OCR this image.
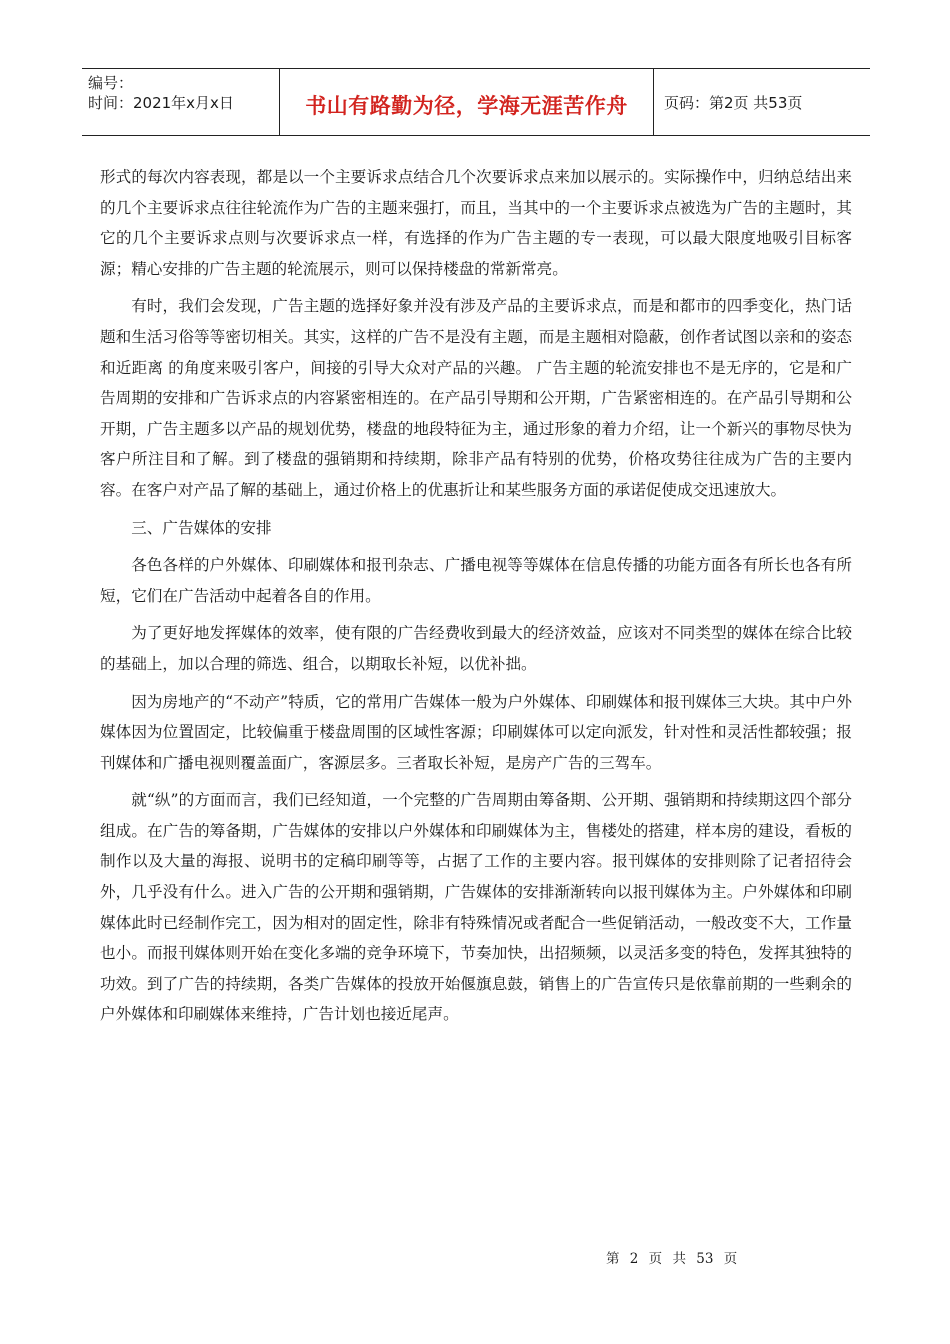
编号：
时间：2021年x月x日	书山有路勤为径，学海无涯苦作舟 页码：第2页 共53页

形式的每次内容表现，都是以一个主要诉求点结合几个次要诉求点来加以展示的。实际操作中，归纳总结出来的几个主要诉求点往往轮流作为广告的主题来强打，而且，当其中的一个主要诉求点被选为广告的主题时，其它的几个主要诉求点则与次要诉求点一样，有选择的作为广告主题的专一表现，可以最大限度地吸引目标客源；精心安排的广告主题的轮流展示，则可以保持楼盘的常新常亮。

有时，我们会发现，广告主题的选择好象并没有涉及产品的主要诉求点，而是和都市的四季变化，热门话题和生活习俗等等密切相关。其实，这样的广告不是没有主题，而是主题相对隐蔽，创作者试图以亲和的姿态和近距离 的角度来吸引客户，间接的引导大众对产品的兴趣。 广告主题的轮流安排也不是无序的，它是和广告周期的安排和广告诉求点的内容紧密相连的。在产品引导期和公开期，广告紧密相连的。在产品引导期和公开期，广告主题多以产品的规划优势，楼盘的地段特征为主，通过形象的着力介绍，让一个新兴的事物尽快为客户所注目和了解。到了楼盘的强销期和持续期，除非产品有特别的优势，价格攻势往往成为广告的主要内容。在客户对产品了解的基础上，通过价格上的优惠折让和某些服务方面的承诺促使成交迅速放大。

三、广告媒体的安排

各色各样的户外媒体、印刷媒体和报刊杂志、广播电视等等媒体在信息传播的功能方面各有所长也各有所短，它们在广告活动中起着各自的作用。

为了更好地发挥媒体的效率，使有限的广告经费收到最大的经济效益，应该对不同类型的媒体在综合比较的基础上，加以合理的筛选、组合，以期取长补短，以优补拙。

因为房地产的“不动产”特质，它的常用广告媒体一般为户外媒体、印刷媒体和报刊媒体三大块。其中户外媒体因为位置固定，比较偏重于楼盘周围的区域性客源；印刷媒体可以定向派发，针对性和灵活性都较强；报刊媒体和广播电视则覆盖面广，客源层多。三者取长补短，是房产广告的三驾车。

就“纵”的方面而言，我们已经知道，一个完整的广告周期由筹备期、公开期、强销期和持续期这四个部分组成。在广告的筹备期，广告媒体的安排以户外媒体和印刷媒体为主，售楼处的搭建，样本房的建设，看板的制作以及大量的海报、说明书的定稿印刷等等，占据了工作的主要内容。报刊媒体的安排则除了记者招待会外，几乎没有什么。进入广告的公开期和强销期，广告媒体的安排渐渐转向以报刊媒体为主。户外媒体和印刷媒体此时已经制作完工，因为相对的固定性，除非有特殊情况或者配合一些促销活动，一般改变不大，工作量也小。而报刊媒体则开始在变化多端的竞争环境下，节奏加快，出招频频，以灵活多变的特色，发挥其独特的功效。到了广告的持续期，各类广告媒体的投放开始偃旗息鼓，销售上的广告宣传只是依靠前期的一些剩余的户外媒体和印刷媒体来维持，广告计划也接近尾声。

第 2 页 共 53 页
